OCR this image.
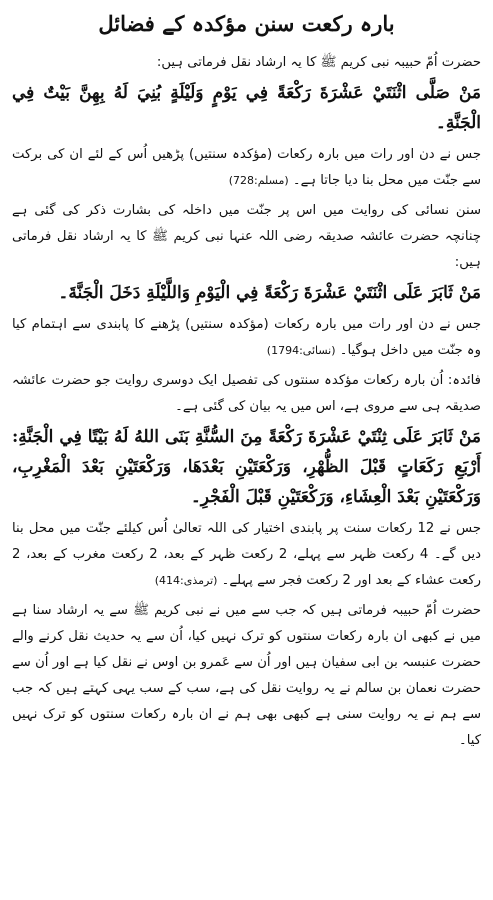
بارہ رکعت سنن مؤکدہ کے فضائل

حضرت اُمّ حبیبہ نبی کریم ﷺ کا یہ ارشاد نقل فرماتی ہیں:

مَنْ صَلَّى اثْنَتَيْ عَشْرَةَ رَكْعَةً فِي يَوْمٍ وَلَيْلَةٍ بُنِيَ لَهُ بِهِنَّ بَيْتٌ فِي الْجَنَّةِ۔

جس نے دن اور رات میں بارہ رکعات (مؤکدہ سنتیں) پڑھیں اُس کے لئے ان کی برکت سے جنّت میں محل بنا دیا جاتا ہے۔ (مسلم:728)

سنن نسائی کی روایت میں اس پر جنّت میں داخلہ کی بشارت ذکر کی گئی ہے چنانچہ حضرت عائشہ صدیقہ رضی اللہ عنہا نبی کریم ﷺ کا یہ ارشاد نقل فرماتی ہیں:

مَنْ ثَابَرَ عَلَى اثْنَتَيْ عَشْرَةَ رَكْعَةً فِي الْيَوْمِ وَاللَّيْلَةِ دَخَلَ الْجَنَّةَ۔

جس نے دن اور رات میں بارہ رکعات (مؤکدہ سنتیں) پڑھنے کا پابندی سے اہتمام کیا وہ جنّت میں داخل ہوگیا۔ (نسائی:1794)

فائدہ: اُن بارہ رکعات مؤکدہ سنتوں کی تفصیل ایک دوسری روایت جو حضرت عائشہ صدیقہ ہی سے مروی ہے، اس میں یہ بیان کی گئی ہے۔

مَنْ ثَابَرَ عَلَى ثِنْتَيْ عَشْرَةَ رَكْعَةً مِنَ السُّنَّةِ بَنَى اللهُ لَهُ بَيْتًا فِي الْجَنَّةِ: أَرْبَعِ رَكَعَاتٍ قَبْلَ الظُّهْرِ، وَرَكْعَتَيْنِ بَعْدَهَا، وَرَكْعَتَيْنِ بَعْدَ الْمَغْرِبِ، وَرَكْعَتَيْنِ بَعْدَ الْعِشَاءِ، وَرَكْعَتَيْنِ قَبْلَ الْفَجْرِ۔

جس نے 12 رکعات سنت پر پابندی اختیار کی اللہ تعالیٰ اُس کیلئے جنّت میں محل بنا دیں گے۔ 4 رکعت ظہر سے پہلے، 2 رکعت ظہر کے بعد، 2 رکعت مغرب کے بعد، 2 رکعت عشاء کے بعد اور 2 رکعت فجر سے پہلے۔ (ترمذی:414)

حضرت اُمّ حبیبہ فرماتی ہیں کہ جب سے میں نے نبی کریم ﷺ سے یہ ارشاد سنا ہے میں نے کبھی ان بارہ رکعات سنتوں کو ترک نہیں کیا، اُن سے یہ حدیث نقل کرنے والے حضرت عنبسہ بن ابی سفیان ہیں اور اُن سے عَمرو بن اوس نے نقل کیا ہے اور اُن سے حضرت نعمان بن سالم نے یہ روایت نقل کی ہے، سب کے سب یہی کہتے ہیں کہ جب سے ہم نے یہ روایت سنی ہے کبھی بھی ہم نے ان بارہ رکعات سنتوں کو ترک نہیں کیا۔
